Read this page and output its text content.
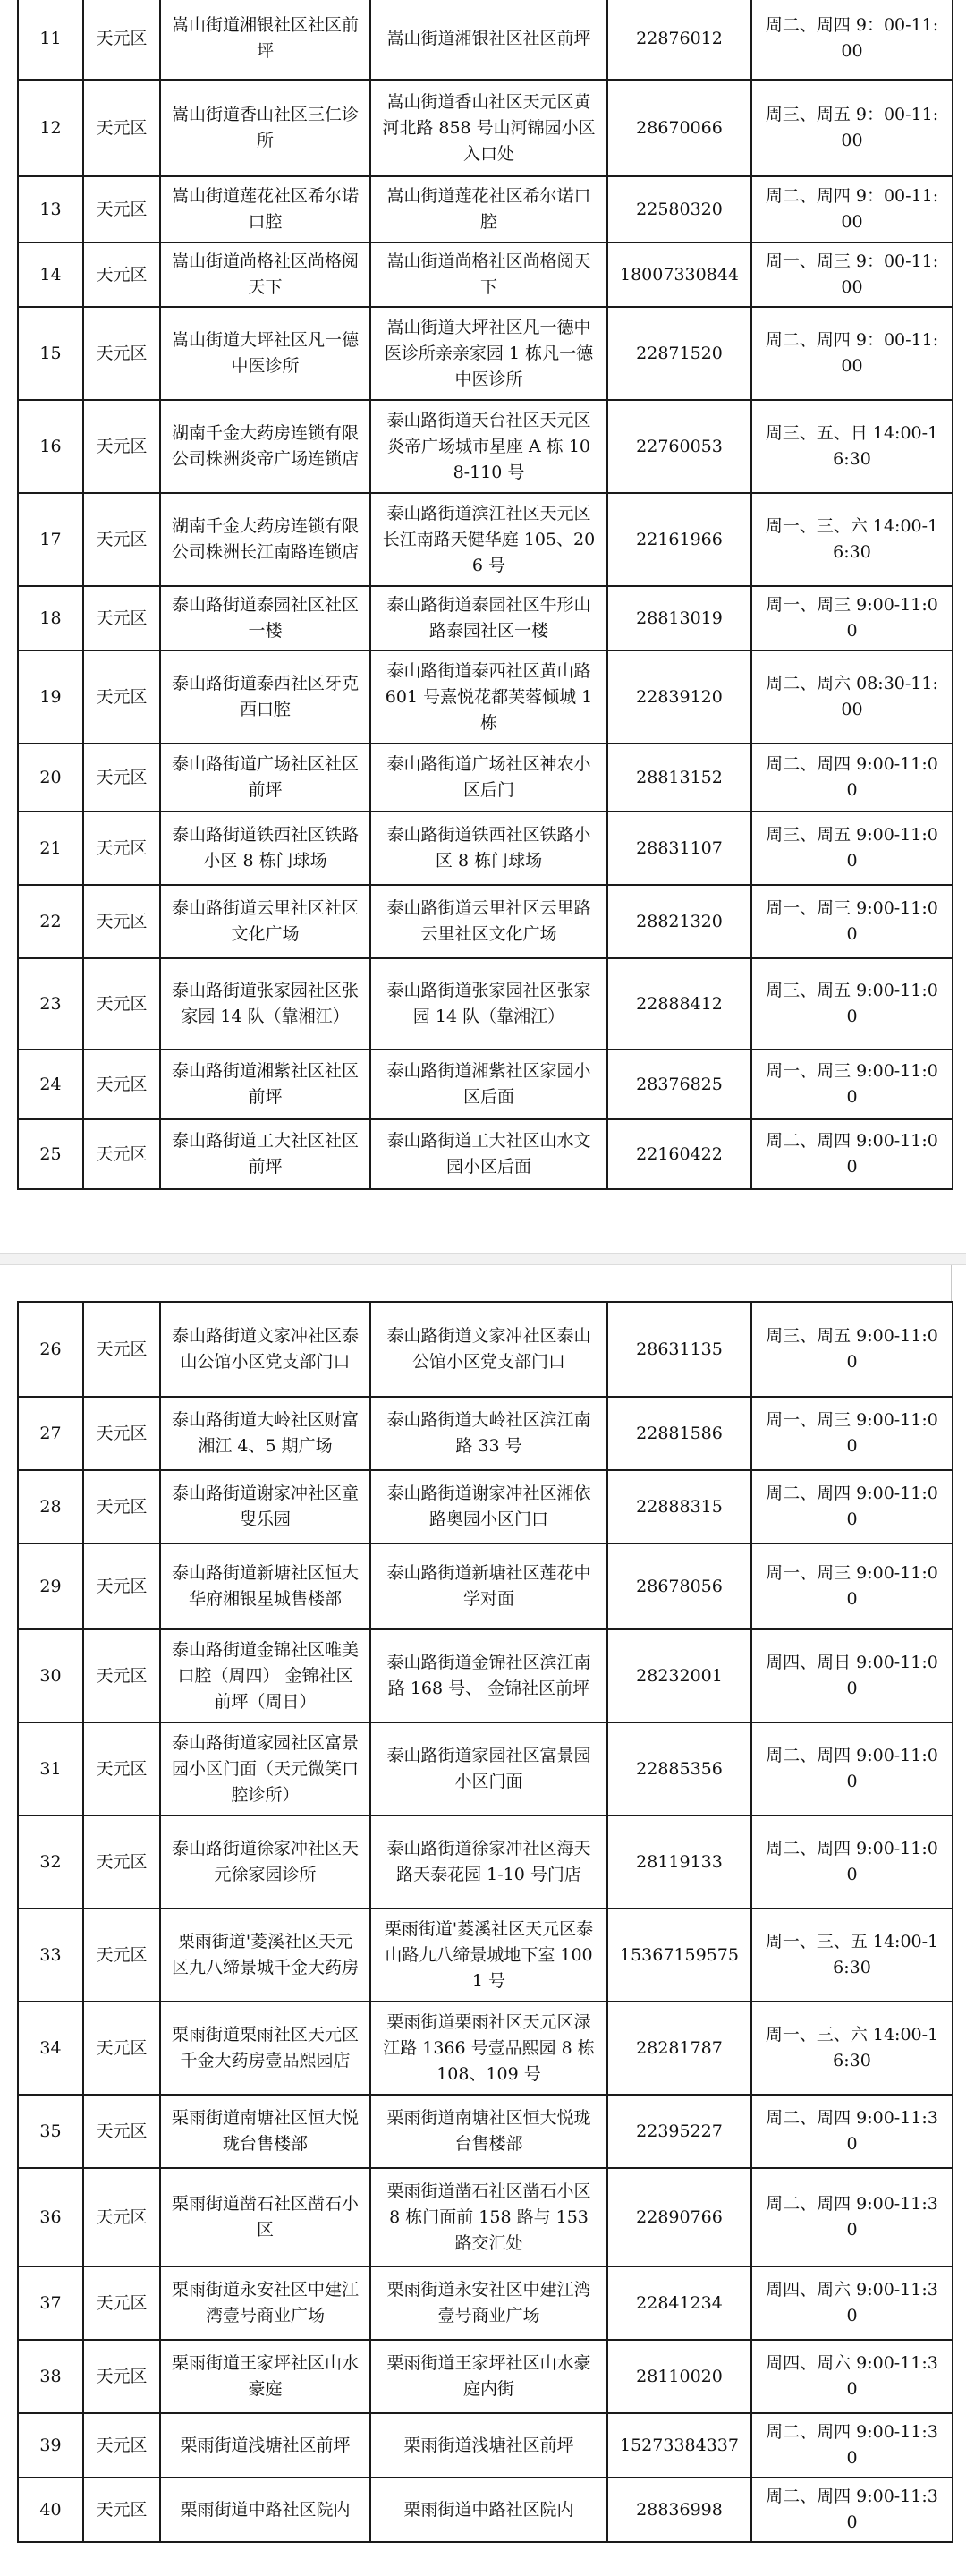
11	天元区	嵩山街道湘银社区社区前坪	嵩山街道湘银社区社区前坪	22876012	周二、周四 9：00-11:00
12	天元区	嵩山街道香山社区三仁诊所	嵩山街道香山社区天元区黄河北路 858 号山河锦园小区入口处	28670066	周三、周五 9：00-11:00
13	天元区	嵩山街道莲花社区希尔诺口腔	嵩山街道莲花社区希尔诺口腔	22580320	周二、周四 9：00-11:00
14	天元区	嵩山街道尚格社区尚格阅天下	嵩山街道尚格社区尚格阅天下	18007330844	周一、周三 9：00-11:00
15	天元区	嵩山街道大坪社区凡一德中医诊所	嵩山街道大坪社区凡一德中医诊所亲亲家园 1 栋凡一德中医诊所	22871520	周二、周四 9：00-11:00
16	天元区	湖南千金大药房连锁有限公司株洲炎帝广场连锁店	泰山路街道天台社区天元区炎帝广场城市星座 A 栋 108-110 号	22760053	周三、五、日 14:00-16:30
17	天元区	湖南千金大药房连锁有限公司株洲长江南路连锁店	泰山路街道滨江社区天元区长江南路天健华庭 105、206 号	22161966	周一、三、六 14:00-16:30
18	天元区	泰山路街道泰园社区社区一楼	泰山路街道泰园社区牛形山路泰园社区一楼	28813019	周一、周三 9:00-11:00
19	天元区	泰山路街道泰西社区牙克西口腔	泰山路街道泰西社区黄山路 601 号熹悦花都芙蓉倾城 1 栋	22839120	周二、周六 08:30-11:00
20	天元区	泰山路街道广场社区社区前坪	泰山路街道广场社区神农小区后门	28813152	周二、周四 9:00-11:00
21	天元区	泰山路街道铁西社区铁路小区 8 栋门球场	泰山路街道铁西社区铁路小区 8 栋门球场	28831107	周三、周五 9:00-11:00
22	天元区	泰山路街道云里社区社区文化广场	泰山路街道云里社区云里路云里社区文化广场	28821320	周一、周三 9:00-11:00
23	天元区	泰山路街道张家园社区张家园 14 队（靠湘江）	泰山路街道张家园社区张家园 14 队（靠湘江）	22888412	周三、周五 9:00-11:00
24	天元区	泰山路街道湘紫社区社区前坪	泰山路街道湘紫社区家园小区后面	28376825	周一、周三 9:00-11:00
25	天元区	泰山路街道工大社区社区前坪	泰山路街道工大社区山水文园小区后面	22160422	周二、周四 9:00-11:00
26	天元区	泰山路街道文家冲社区泰山公馆小区党支部门口	泰山路街道文家冲社区泰山公馆小区党支部门口	28631135	周三、周五 9:00-11:00
27	天元区	泰山路街道大岭社区财富湘江 4、5 期广场	泰山路街道大岭社区滨江南路 33 号	22881586	周一、周三 9:00-11:00
28	天元区	泰山路街道谢家冲社区童叟乐园	泰山路街道谢家冲社区湘依路奥园小区门口	22888315	周二、周四 9:00-11:00
29	天元区	泰山路街道新塘社区恒大华府湘银星城售楼部	泰山路街道新塘社区莲花中学对面	28678056	周一、周三 9:00-11:00
30	天元区	泰山路街道金锦社区唯美口腔（周四） 金锦社区前坪（周日）	泰山路街道金锦社区滨江南路 168 号、 金锦社区前坪	28232001	周四、周日 9:00-11:00
31	天元区	泰山路街道家园社区富景园小区门面（天元微笑口腔诊所）	泰山路街道家园社区富景园小区门面	22885356	周二、周四 9:00-11:00
32	天元区	泰山路街道徐家冲社区天元徐家园诊所	泰山路街道徐家冲社区海天路天泰花园 1-10 号门店	28119133	周二、周四 9:00-11:00
33	天元区	栗雨街道'菱溪社区天元区九八缔景城千金大药房	栗雨街道'菱溪社区天元区泰山路九八缔景城地下室 1001 号	15367159575	周一、三、五 14:00-16:30
34	天元区	栗雨街道栗雨社区天元区千金大药房壹品熙园店	栗雨街道栗雨社区天元区渌江路 1366 号壹品熙园 8 栋 108、109 号	28281787	周一、三、六 14:00-16:30
35	天元区	栗雨街道南塘社区恒大悦珑台售楼部	栗雨街道南塘社区恒大悦珑台售楼部	22395227	周二、周四 9:00-11:30
36	天元区	栗雨街道凿石社区凿石小区	栗雨街道凿石社区凿石小区 8 栋门面前 158 路与 153 路交汇处	22890766	周二、周四 9:00-11:30
37	天元区	栗雨街道永安社区中建江湾壹号商业广场	栗雨街道永安社区中建江湾壹号商业广场	22841234	周四、周六 9:00-11:30
38	天元区	栗雨街道王家坪社区山水豪庭	栗雨街道王家坪社区山水豪庭内街	28110020	周四、周六 9:00-11:30
39	天元区	栗雨街道浅塘社区前坪	栗雨街道浅塘社区前坪	15273384337	周二、周四 9:00-11:30
40	天元区	栗雨街道中路社区院内	栗雨街道中路社区院内	28836998	周二、周四 9:00-11:30
